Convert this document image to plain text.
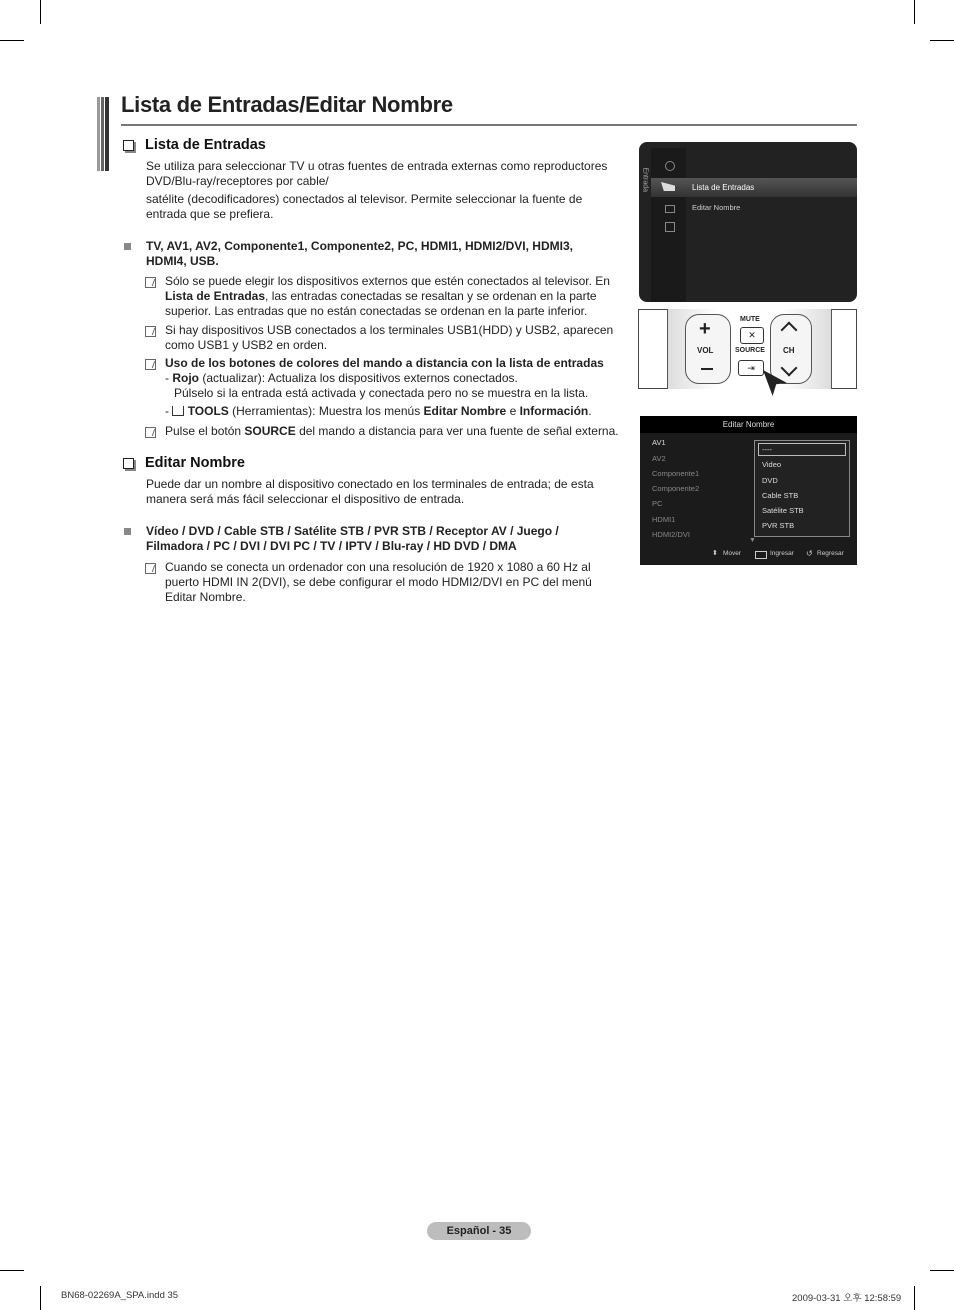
Lista de Entradas/Editar Nombre
Lista de Entradas
Se utiliza para seleccionar TV u otras fuentes de entrada externas como reproductores
DVD/Blu-ray/receptores por cable/
satélite (decodificadores) conectados al televisor. Permite seleccionar la fuente de
entrada que se prefiera.
TV, AV1, AV2, Componente1, Componente2, PC, HDMI1, HDMI2/DVI, HDMI3,
HDMI4, USB.
Sólo se puede elegir los dispositivos externos que estén conectados al televisor. En
Lista de Entradas, las entradas conectadas se resaltan y se ordenan en la parte
superior. Las entradas que no están conectadas se ordenan en la parte inferior.
Si hay dispositivos USB conectados a los terminales USB1(HDD) y USB2, aparecen
como USB1 y USB2 en orden.
Uso de los botones de colores del mando a distancia con la lista de entradas
- Rojo (actualizar): Actualiza los dispositivos externos conectados.
Púlselo si la entrada está activada y conectada pero no se muestra en la lista.
- TOOLS (Herramientas): Muestra los menús Editar Nombre e Información.
Pulse el botón SOURCE del mando a distancia para ver una fuente de señal externa.
Editar Nombre
Puede dar un nombre al dispositivo conectado en los terminales de entrada; de esta
manera será más fácil seleccionar el dispositivo de entrada.
Vídeo / DVD / Cable STB / Satélite STB / PVR STB / Receptor AV / Juego /
Filmadora / PC / DVI / DVI PC / TV / IPTV / Blu-ray / HD DVD / DMA
Cuando se conecta un ordenador con una resolución de 1920 x 1080 a 60 Hz al
puerto HDMI IN 2(DVI), se debe configurar el modo HDMI2/DVI en PC del menú
Editar Nombre.
Entrada	Lista de Entradas
Editar Nombre
+
VOL
MUTE
✕
SOURCE
⇥
CH
Editar Nombre
AV1
AV2
Componente1
Componente2
PC
HDMI1
HDMI2/DVI
▼
----
Video
DVD
Cable STB
Satélite STB
PVR STB
⬍ Mover	Ingresar ↺ Regresar
Español - 35
BN68-02269A_SPA.indd 35	2009-03-31 오후 12:58:59
